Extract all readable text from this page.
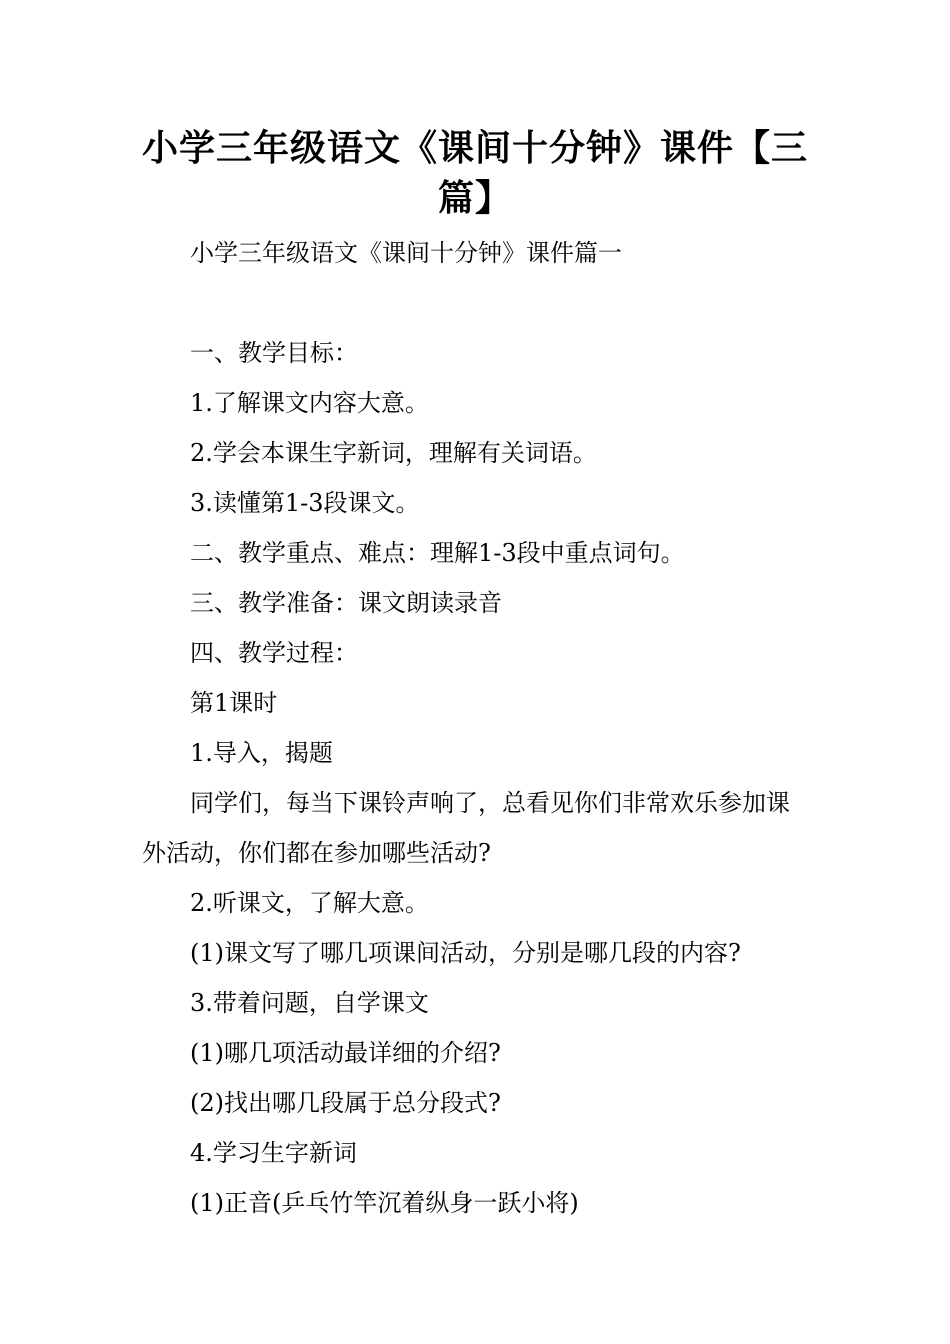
小学三年级语文《课间十分钟》课件【三篇】

小学三年级语文《课间十分钟》课件篇一

一、教学目标：

1.了解课文内容大意。

2.学会本课生字新词，理解有关词语。

3.读懂第1-3段课文。

二、教学重点、难点：理解1-3段中重点词句。

三、教学准备：课文朗读录音

四、教学过程：

第1课时

1.导入，揭题

同学们，每当下课铃声响了，总看见你们非常欢乐参加课外活动，你们都在参加哪些活动?

2.听课文，了解大意。

(1)课文写了哪几项课间活动，分别是哪几段的内容?

3.带着问题，自学课文

(1)哪几项活动最详细的介绍?

(2)找出哪几段属于总分段式?

4.学习生字新词

(1)正音(乒乓竹竿沉着纵身一跃小将)
